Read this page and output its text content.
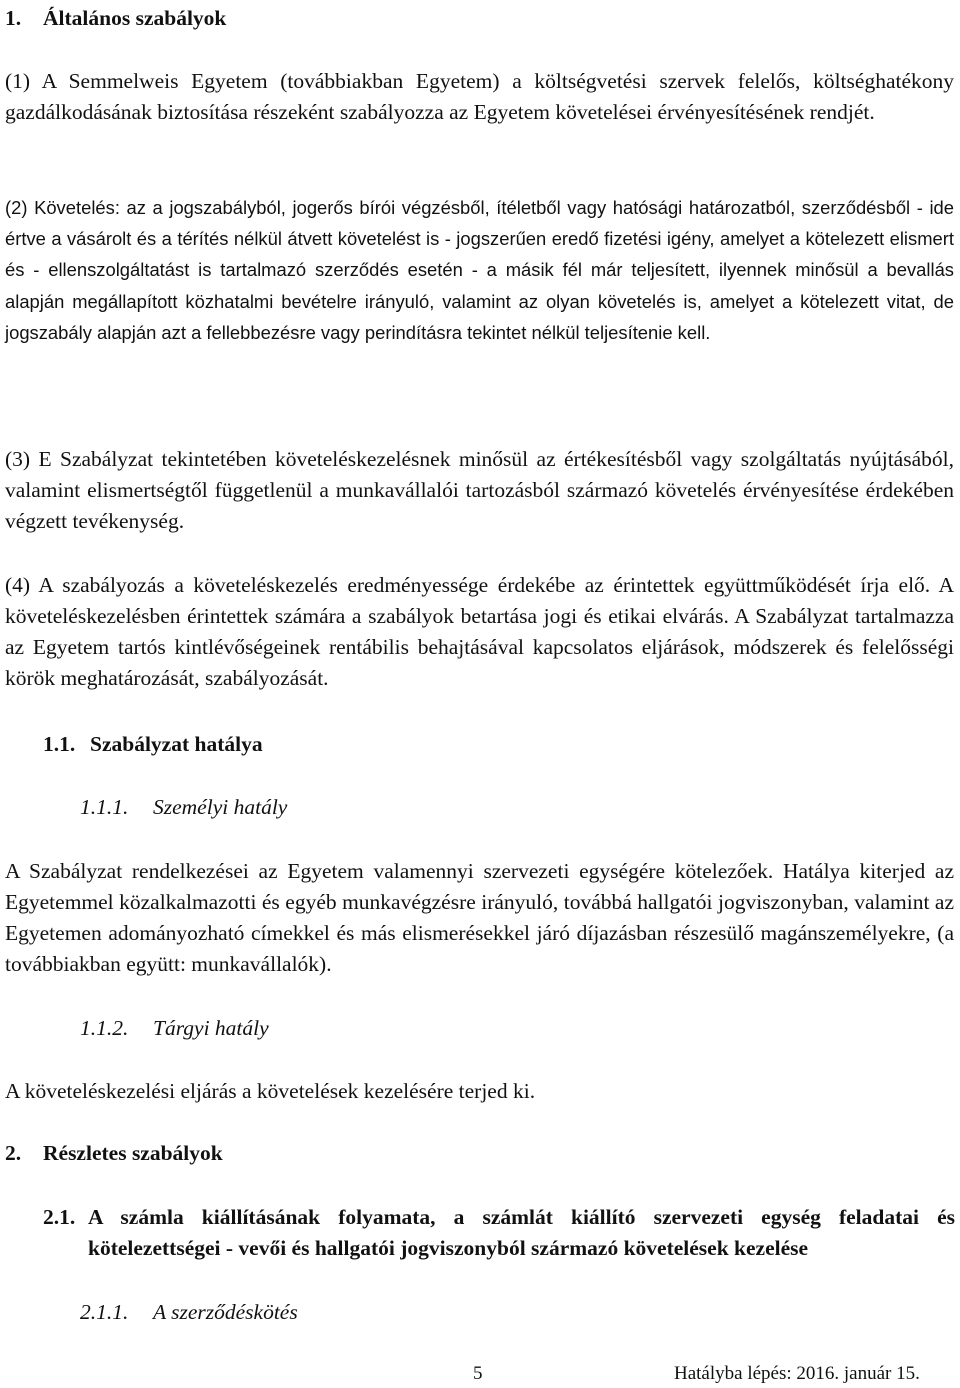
1. Általános szabályok
(1) A Semmelweis Egyetem (továbbiakban Egyetem) a költségvetési szervek felelős, költséghatékony gazdálkodásának biztosítása részeként szabályozza az Egyetem követelései érvényesítésének rendjét.
(2) Követelés: az a jogszabályból, jogerős bírói végzésből, ítéletből vagy hatósági határozatból, szerződésből - ide értve a vásárolt és a térítés nélkül átvett követelést is - jogszerűen eredő fizetési igény, amelyet a kötelezett elismert és - ellenszolgáltatást is tartalmazó szerződés esetén - a másik fél már teljesített, ilyennek minősül a bevallás alapján megállapított közhatalmi bevételre irányuló, valamint az olyan követelés is, amelyet a kötelezett vitat, de jogszabály alapján azt a fellebbezésre vagy perindításra tekintet nélkül teljesítenie kell.
(3) E Szabályzat tekintetében követeléskezelésnek minősül az értékesítésből vagy szolgáltatás nyújtásából, valamint elismertségtől függetlenül a munkavállalói tartozásból származó követelés érvényesítése érdekében végzett tevékenység.
(4) A szabályozás a követeléskezelés eredményessége érdekébe az érintettek együttműködését írja elő. A követeléskezelésben érintettek számára a szabályok betartása jogi és etikai elvárás. A Szabályzat tartalmazza az Egyetem tartós kintlévőségeinek rentábilis behajtásával kapcsolatos eljárások, módszerek és felelősségi körök meghatározását, szabályozását.
1.1. Szabályzat hatálya
1.1.1. Személyi hatály
A Szabályzat rendelkezései az Egyetem valamennyi szervezeti egységére kötelezőek. Hatálya kiterjed az Egyetemmel közalkalmazotti és egyéb munkavégzésre irányuló, továbbá hallgatói jogviszonyban, valamint az Egyetemen adományozható címekkel és más elismerésekkel járó díjazásban részesülő magánszemélyekre, (a továbbiakban együtt: munkavállalók).
1.1.2. Tárgyi hatály
A követeléskezelési eljárás a követelések kezelésére terjed ki.
2. Részletes szabályok
2.1. A számla kiállításának folyamata, a számlát kiállító szervezeti egység feladatai és kötelezettségei - vevői és hallgatói jogviszonyból származó követelések kezelése
2.1.1. A szerződéskötés
5	Hatályba lépés: 2016. január 15.
